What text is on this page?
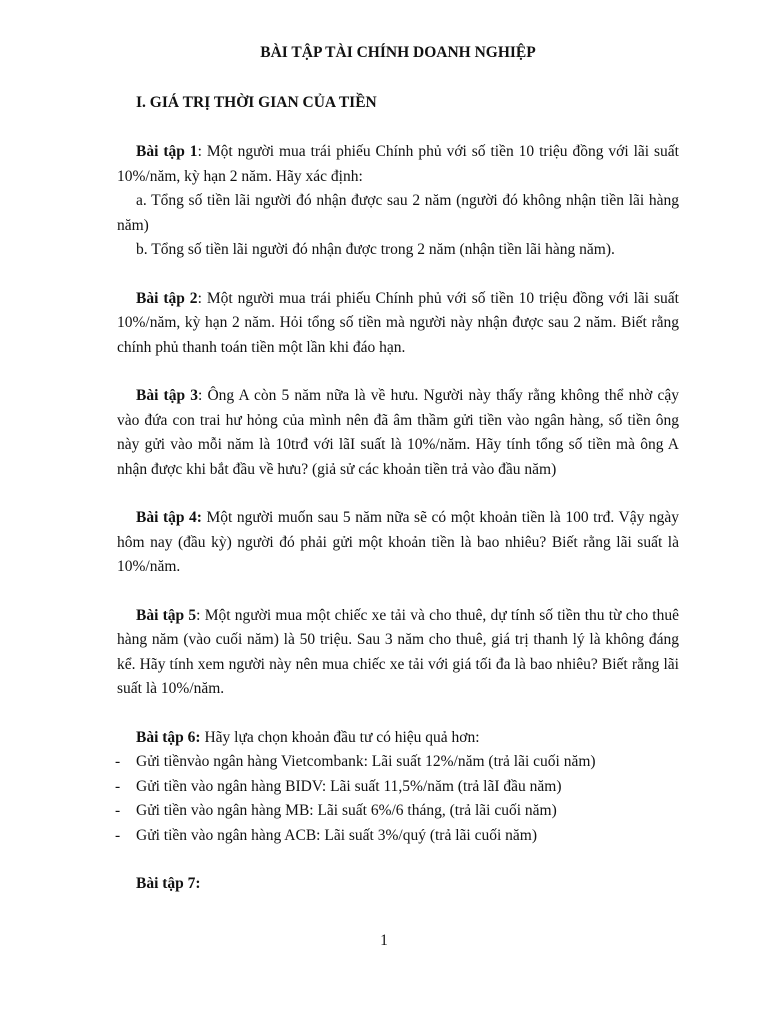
BÀI TẬP TÀI CHÍNH DOANH NGHIỆP
I. GIÁ TRỊ THỜI GIAN CỦA TIỀN

Bài tập 1: Một người mua trái phiếu Chính phủ với số tiền 10 triệu đồng với lãi suất 10%/năm, kỳ hạn 2 năm. Hãy xác định:

a. Tổng số tiền lãi người đó nhận được sau 2 năm (người đó không nhận tiền lãi hàng năm)

b. Tổng số tiền lãi người đó nhận được trong 2 năm (nhận tiền lãi hàng năm).

Bài tập 2: Một người mua trái phiếu Chính phủ với số tiền 10 triệu đồng với lãi suất 10%/năm, kỳ hạn 2 năm. Hỏi tổng số tiền mà người này nhận được sau 2 năm. Biết rằng chính phủ thanh toán tiền một lần khi đáo hạn.

Bài tập 3: Ông A còn 5 năm nữa là về hưu. Người này thấy rằng không thể nhờ cậy vào đứa con trai hư hỏng của mình nên đã âm thầm gửi tiền vào ngân hàng, số tiền ông này gửi vào mỗi năm là 10trđ với lãI suất là 10%/năm. Hãy tính tổng số tiền mà ông A nhận được khi bắt đầu về hưu? (giả sử các khoản tiền trả vào đầu năm)

Bài tập 4: Một người muốn sau 5 năm nữa sẽ có một khoản tiền là 100 trđ. Vậy ngày hôm nay (đầu kỳ) người đó phải gửi một khoản tiền là bao nhiêu? Biết rằng lãi suất là 10%/năm.

Bài tập 5: Một người mua một chiếc xe tải và cho thuê, dự tính số tiền thu từ cho thuê hàng năm (vào cuối năm) là 50 triệu. Sau 3 năm cho thuê, giá trị thanh lý là không đáng kể. Hãy tính xem người này nên mua chiếc xe tải với giá tối đa là bao nhiêu? Biết rằng lãi suất là 10%/năm.

Bài tập 6: Hãy lựa chọn khoản đầu tư có hiệu quả hơn:

- Gửi tiềnvào ngân hàng Vietcombank: Lãi suất 12%/năm (trả lãi cuối năm)
- Gửi tiền vào ngân hàng BIDV: Lãi suất 11,5%/năm (trả lãI đầu năm)
- Gửi tiền vào ngân hàng MB: Lãi suất 6%/6 tháng, (trả lãi cuối năm)
- Gửi tiền vào ngân hàng ACB: Lãi suất 3%/quý (trả lãi cuối năm)

Bài tập 7:

1
